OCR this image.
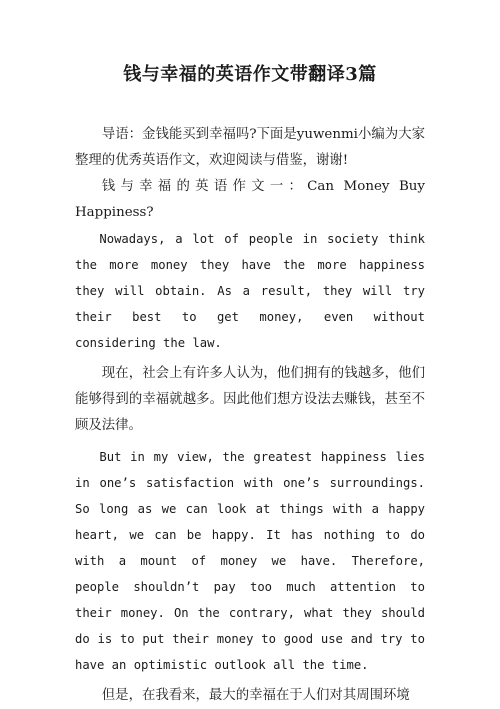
钱与幸福的英语作文带翻译3篇

导语：金钱能买到幸福吗?下面是yuwenmi小编为大家整理的优秀英语作文，欢迎阅读与借鉴，谢谢!

钱与幸福的英语作文一：Can Money Buy Happiness?

Nowadays, a lot of people in society think the more money they have the more happiness they will obtain. As a result, they will try their best to get money, even without considering the law.

现在，社会上有许多人认为，他们拥有的钱越多，他们能够得到的幸福就越多。因此他们想方设法去赚钱，甚至不顾及法律。

But in my view, the greatest happiness lies in one’s satisfaction with one’s surroundings. So long as we can look at things with a happy heart, we can be happy. It has nothing to do with a mount of money we have. Therefore, people shouldn’t pay too much attention to their money. On the contrary, what they should do is to put their money to good use and try to have an optimistic outlook all the time.

但是，在我看来，最大的幸福在于人们对其周围环境
